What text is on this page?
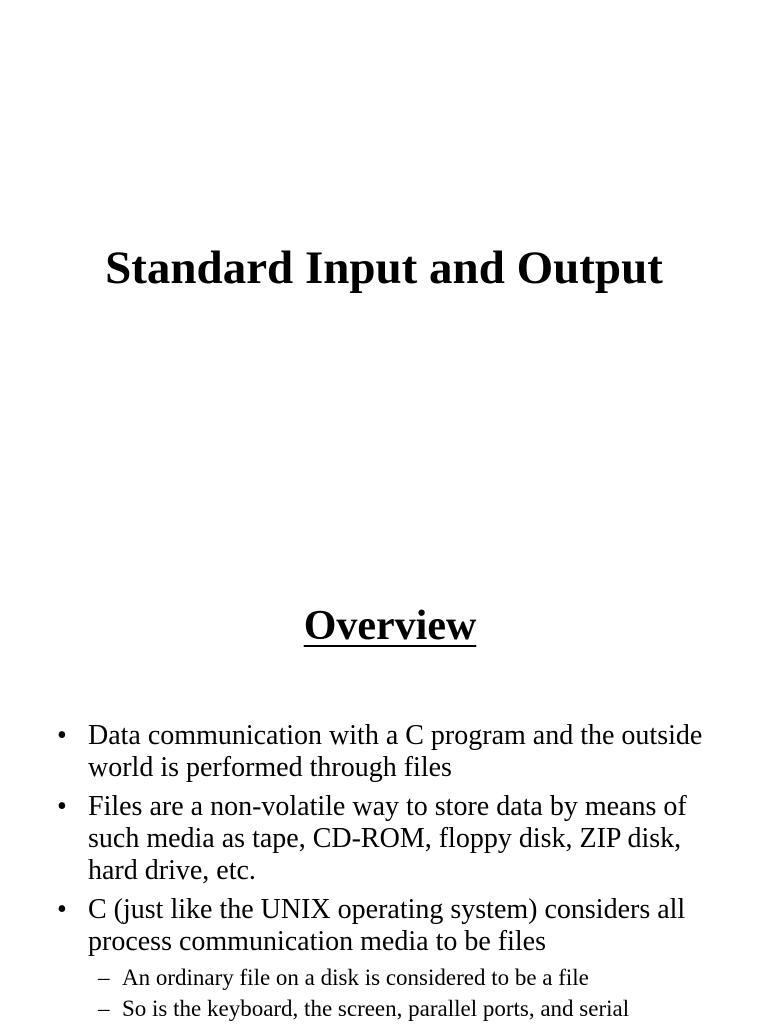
Standard Input and Output
Overview
• Data communication with a C program and the outside world is performed through files
• Files are a non-volatile way to store data by means of such media as tape, CD-ROM, floppy disk, ZIP disk, hard drive, etc.
• C (just like the UNIX operating system) considers all process communication media to be files
– An ordinary file on a disk is considered to be a file
– So is the keyboard, the screen, parallel ports, and serial
